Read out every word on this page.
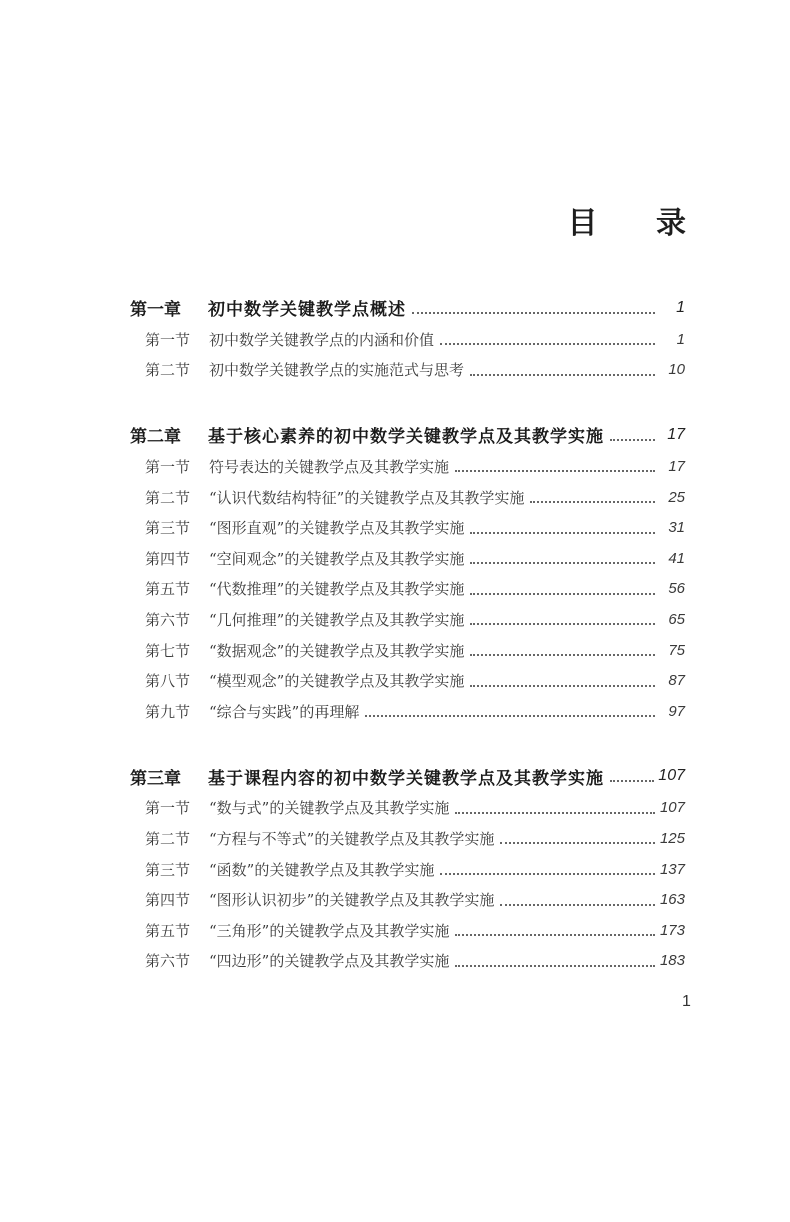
目 录
第一章	初中数学关键教学点概述	1
第一节	初中数学关键教学点的内涵和价值	1
第二节	初中数学关键教学点的实施范式与思考	10
第二章	基于核心素养的初中数学关键教学点及其教学实施	17
第一节	符号表达的关键教学点及其教学实施	17
第二节	“认识代数结构特征”的关键教学点及其教学实施	25
第三节	“图形直观”的关键教学点及其教学实施	31
第四节	“空间观念”的关键教学点及其教学实施	41
第五节	“代数推理”的关键教学点及其教学实施	56
第六节	“几何推理”的关键教学点及其教学实施	65
第七节	“数据观念”的关键教学点及其教学实施	75
第八节	“模型观念”的关键教学点及其教学实施	87
第九节	“综合与实践”的再理解	97
第三章	基于课程内容的初中数学关键教学点及其教学实施	107
第一节	“数与式”的关键教学点及其教学实施	107
第二节	“方程与不等式”的关键教学点及其教学实施	125
第三节	“函数”的关键教学点及其教学实施	137
第四节	“图形认识初步”的关键教学点及其教学实施	163
第五节	“三角形”的关键教学点及其教学实施	173
第六节	“四边形”的关键教学点及其教学实施	183
1
